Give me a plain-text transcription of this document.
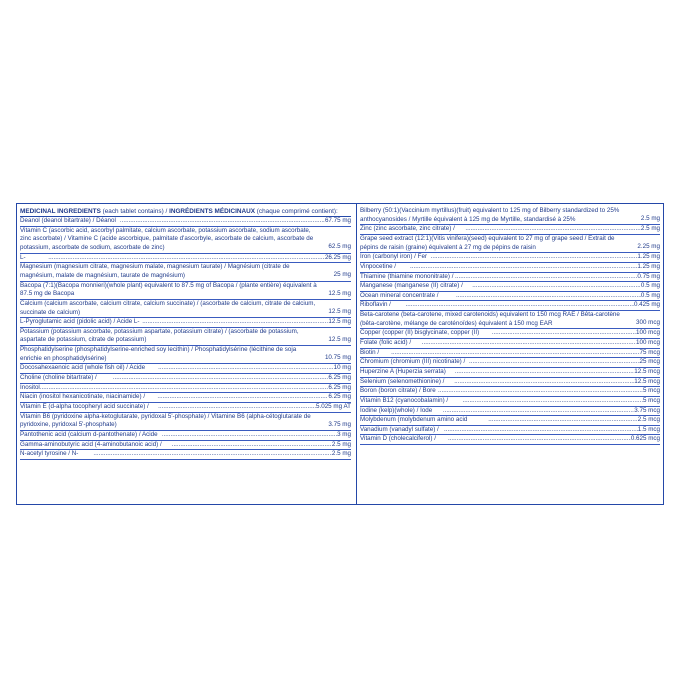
MEDICINAL INGREDIENTS (each tablet contains) / INGRÉDIENTS MÉDICINAUX (chaque comprimé contient):
Deanol (deanol bitartrate) / Déanol .....	67.75 mg
Vitamin C (ascorbic acid, ascorbyl palmitate, calcium ascorbate, potassium ascorbate, sodium ascorbate, zinc ascorbate) / Vitamine C (acide ascorbique, palmitate d'ascorbyle, ascorbate de calcium, ascorbate de potassium, ascorbate de sodium, ascorbate de zinc)	62.5 mg
L- .....	26.25 mg
Magnesium (magnesium citrate, magnesium malate, magnesium taurate) / Magnésium (citrate de magnésium, malate de magnésium, taurate de magnésium)	25 mg
Bacopa (7:1)(Bacopa monnieri)(whole plant) equivalent to 87.5 mg of Bacopa / (plante entière) équivalent à 87.5 mg de Bacopa	12.5 mg
Calcium (calcium ascorbate, calcium citrate, calcium succinate) / (ascorbate de calcium, citrate de calcium, succinate de calcium)	12.5 mg
L-Pyroglutamic acid (pidolic acid) / Acide L- .....	12.5 mg
Potassium (potassium ascorbate, potassium aspartate, potassium citrate) / (ascorbate de potassium, aspartate de potassium, citrate de potassium)	12.5 mg
Phosphatidylserine (phosphatidylserine-enriched soy lecithin) / Phosphatidylsérine (lécithine de soja enrichie en phosphatidylsérine)	10.75 mg
Docosahexaenoic acid (whole fish oil) / Acide .....	10 mg
Choline (choline bitartrate) / .....	6.25 mg
Inositol .....	6.25 mg
Niacin (inositol hexanicotinate, niacinamide) / .....	6.25 mg
Vitamin E (d-alpha tocopheryl acid succinate) / .....	5.025 mg AT
Vitamin B6 (pyridoxine alpha-ketoglutarate, pyridoxal 5'-phosphate) / Vitamine B6 (alpha-cétoglutarate de pyridoxine, pyridoxal 5'-phosphate)	3.75 mg
Pantothenic acid (calcium d-pantothenate) / Acide .....	3 mg
Gamma-aminobutyric acid (4-aminobutanoic acid) / .....	2.5 mg
N-acetyl tyrosine / N- .....	2.5 mg
Bilberry (50:1)(Vaccinium myrtillus)(fruit) equivalent to 125 mg of Bilberry standardized to 25% anthocyanosides / Myrtille équivalent à 125 mg de Myrtille, standardisé à 25%	2.5 mg
Zinc (zinc ascorbate, zinc citrate) / .....	2.5 mg
Grape seed extract (12:1)(Vitis vinifera)(seed) equivalent to 27 mg of grape seed / Extrait de pépins de raisin (graine) équivalent à 27 mg de pépins de raisin	2.25 mg
Iron (carbonyl iron) / Fer .....	1.25 mg
Vinpocetine / .....	1.25 mg
Thiamine (thiamine mononitrate) / .....	0.75 mg
Manganese (manganese (II) citrate) / .....	0.5 mg
Ocean mineral concentrate / .....	0.5 mg
Riboflavin / .....	0.425 mg
Beta-carotene (beta-carotene, mixed carotenoids) equivalent to 150 mcg RAE / Bêta-carotène (bêta-carotène, mélange de caroténoïdes) équivalent à 150 mcg EAR	300 mcg
Copper (copper (II) bisglycinate, copper (II) .....	100 mcg
Folate (folic acid) / .....	100 mcg
Biotin / .....	75 mcg
Chromium (chromium (III) nicotinate) / .....	25 mcg
Huperzine A (Huperzia serrata) .....	12.5 mcg
Selenium (selenomethionine) / .....	12.5 mcg
Boron (boron citrate) / Bore .....	5 mcg
Vitamin B12 (cyanocobalamin) / .....	5 mcg
Iodine (kelp)(whole) / Iode .....	3.75 mcg
Molybdenum (molybdenum amino acid .....	2.5 mcg
Vanadium (vanadyl sulfate) / .....	1.5 mcg
Vitamin D (cholecalciferol) / .....	0.625 mcg
